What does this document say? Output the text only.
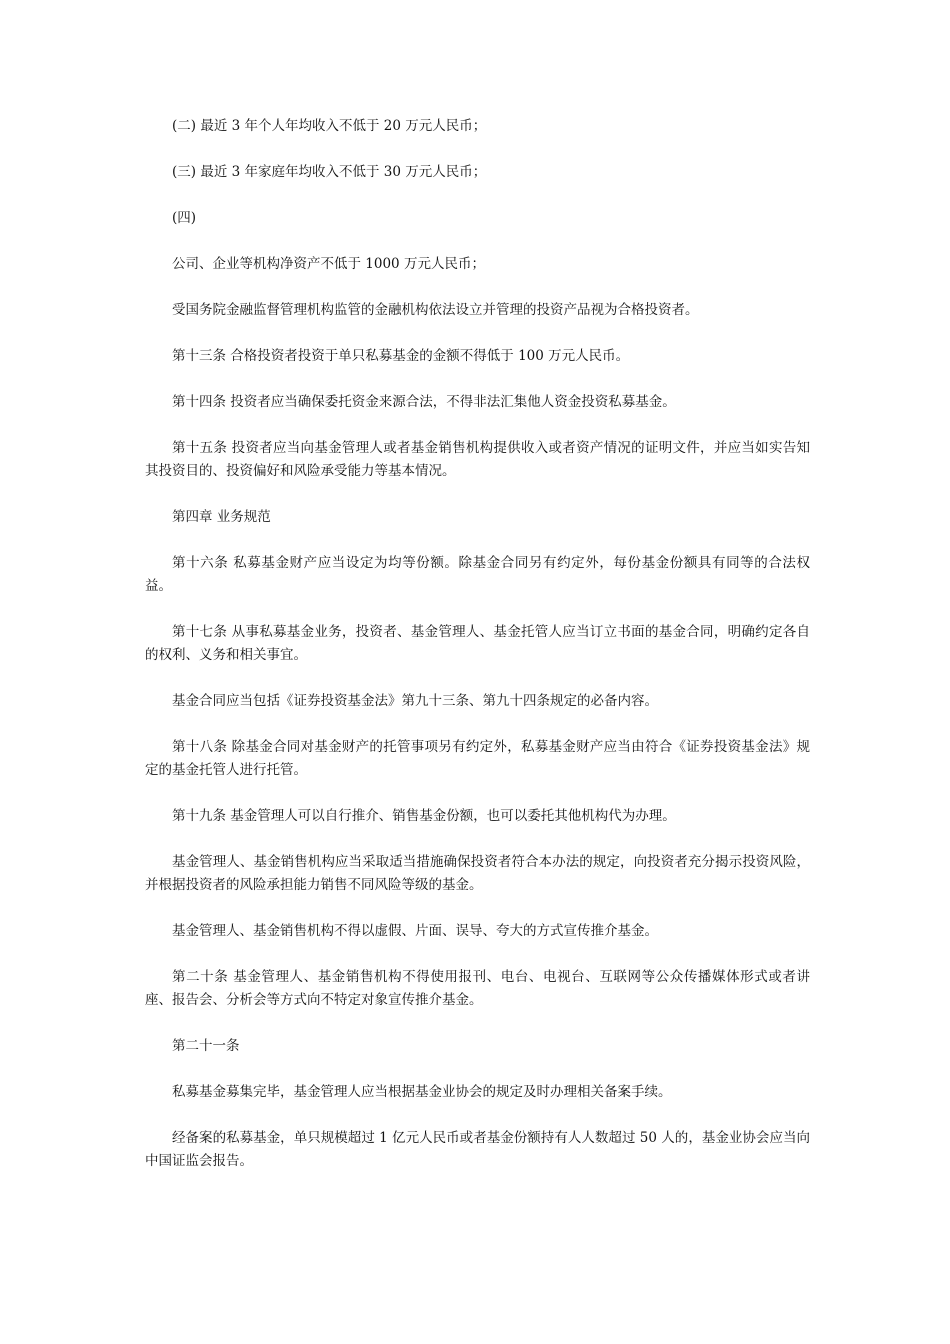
(二) 最近 3 年个人年均收入不低于 20 万元人民币；

(三) 最近 3 年家庭年均收入不低于 30 万元人民币；

(四)

公司、企业等机构净资产不低于 1000 万元人民币；

受国务院金融监督管理机构监管的金融机构依法设立并管理的投资产品视为合格投资者。

第十三条 合格投资者投资于单只私募基金的金额不得低于 100 万元人民币。

第十四条 投资者应当确保委托资金来源合法，不得非法汇集他人资金投资私募基金。

第十五条 投资者应当向基金管理人或者基金销售机构提供收入或者资产情况的证明文件，并应当如实告知其投资目的、投资偏好和风险承受能力等基本情况。

第四章 业务规范

第十六条 私募基金财产应当设定为均等份额。除基金合同另有约定外，每份基金份额具有同等的合法权益。

第十七条 从事私募基金业务，投资者、基金管理人、基金托管人应当订立书面的基金合同，明确约定各自的权利、义务和相关事宜。

基金合同应当包括《证券投资基金法》第九十三条、第九十四条规定的必备内容。

第十八条 除基金合同对基金财产的托管事项另有约定外，私募基金财产应当由符合《证券投资基金法》规定的基金托管人进行托管。

第十九条 基金管理人可以自行推介、销售基金份额，也可以委托其他机构代为办理。

基金管理人、基金销售机构应当采取适当措施确保投资者符合本办法的规定，向投资者充分揭示投资风险，并根据投资者的风险承担能力销售不同风险等级的基金。

基金管理人、基金销售机构不得以虚假、片面、误导、夸大的方式宣传推介基金。

第二十条 基金管理人、基金销售机构不得使用报刊、电台、电视台、互联网等公众传播媒体形式或者讲座、报告会、分析会等方式向不特定对象宣传推介基金。

第二十一条

私募基金募集完毕，基金管理人应当根据基金业协会的规定及时办理相关备案手续。

经备案的私募基金，单只规模超过 1 亿元人民币或者基金份额持有人人数超过 50 人的，基金业协会应当向中国证监会报告。
